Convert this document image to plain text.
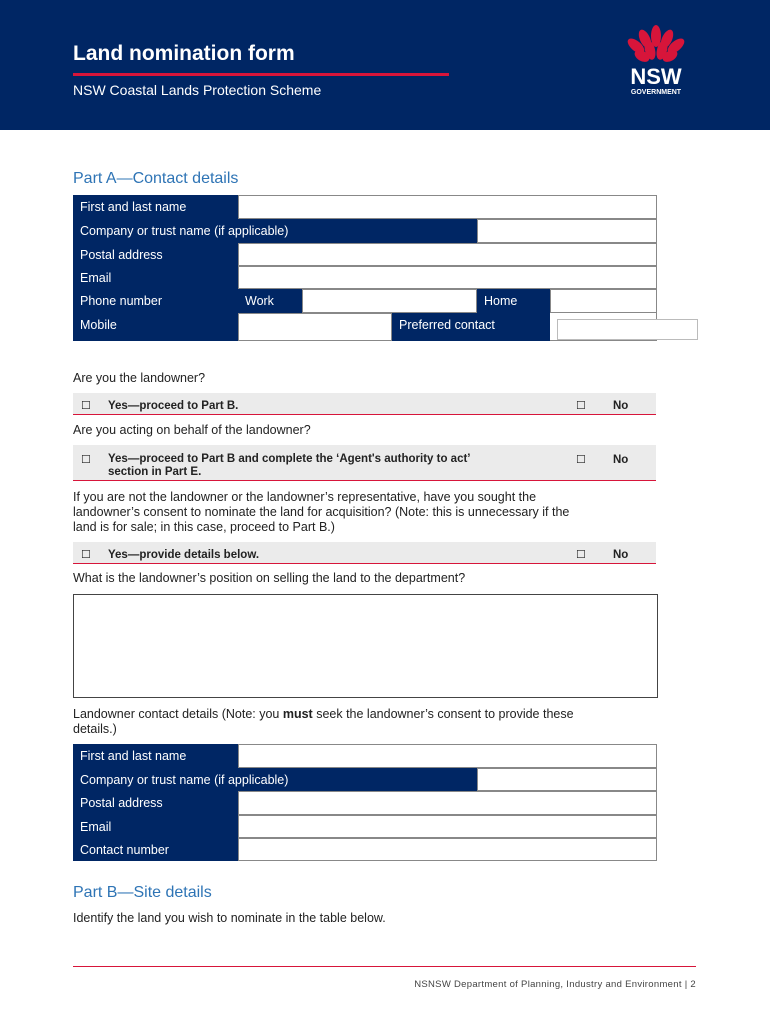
Land nomination form
NSW Coastal Lands Protection Scheme
NSW
GOVERNMENT
Part A—Contact details
First and last name
Company or trust name (if applicable)
Postal address
Email
Phone number	Work	Home
Mobile	Preferred contact
Are you the landowner?
☐ Yes—proceed to Part B.	☐ No
Are you acting on behalf of the landowner?
☐ Yes—proceed to Part B and complete the ‘Agent's authority to act’
section in Part E.
☐ No
If you are not the landowner or the landowner’s representative, have you sought the
landowner’s consent to nominate the land for acquisition? (Note: this is unnecessary if the
land is for sale; in this case, proceed to Part B.)
☐ Yes—provide details below.	☐ No
What is the landowner’s position on selling the land to the department?
Landowner contact details (Note: you must seek the landowner’s consent to provide these
details.)
First and last name
Company or trust name (if applicable)
Postal address
Email
Contact number
Part B—Site details
Identify the land you wish to nominate in the table below.
NSNSW Department of Planning, Industry and Environment | 2
